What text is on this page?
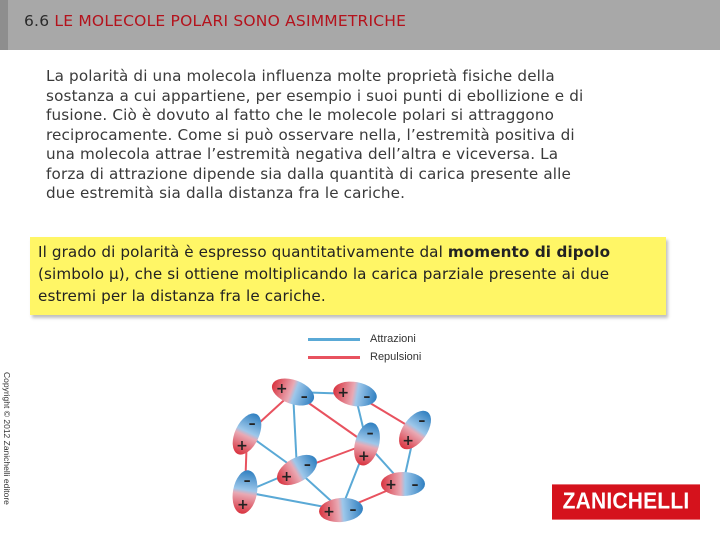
6.6 LE MOLECOLE POLARI SONO ASIMMETRICHE
La polarità di una molecola influenza molte proprietà fisiche della
sostanza a cui appartiene, per esempio i suoi punti di ebollizione e di
fusione. Ciò è dovuto al fatto che le molecole polari si attraggono
reciprocamente. Come si può osservare nella, l’estremità positiva di
una molecola attrae l’estremità negativa dell’altra e viceversa. La
forza di attrazione dipende sia dalla quantità di carica presente alle
due estremità sia dalla distanza fra le cariche.
Il grado di polarità è espresso quantitativamente dal momento di dipolo (simbolo μ), che si ottiene moltiplicando la carica parziale presente ai due estremi per la distanza fra le cariche.
Attrazioni
Repulsioni
+
– + –
+
–
+
–
+
–
+
–
+
–	+ –
+ –
Copyright © 2012 Zanichelli editore	ZANICHELLI
